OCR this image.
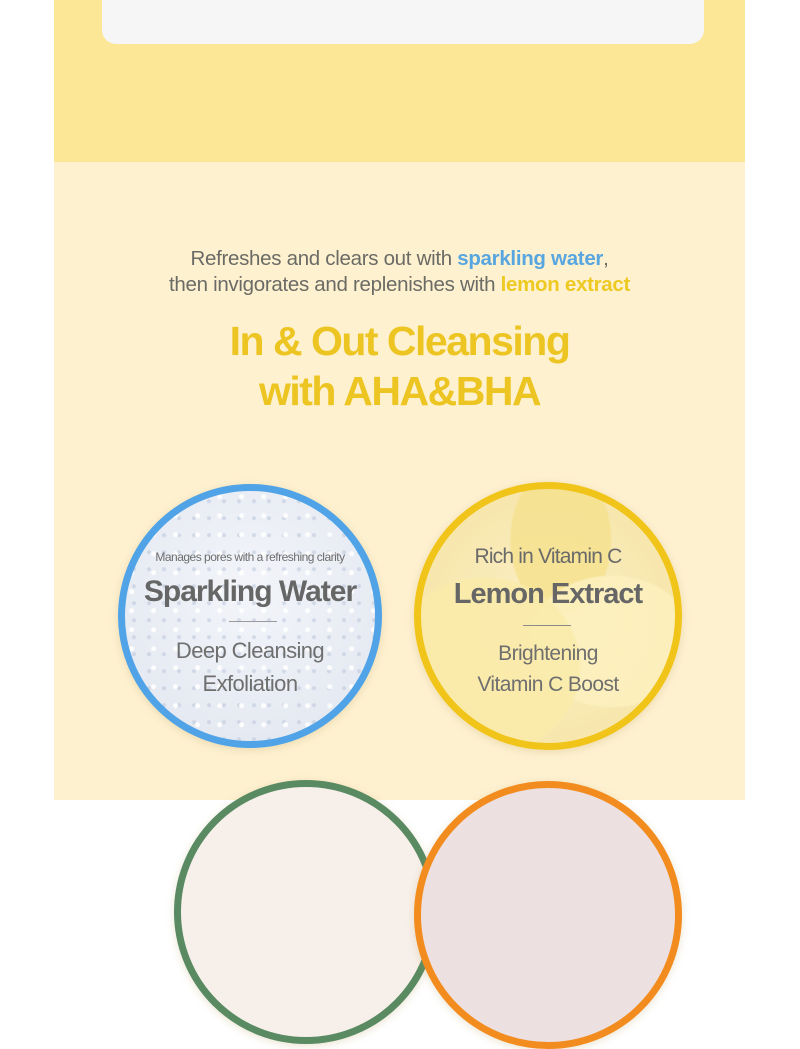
Refreshes and clears out with sparkling water,
then invigorates and replenishes with lemon extract
In & Out Cleansing
with AHA&BHA
Manages pores with a refreshing clarity
Sparkling Water
Deep Cleansing
Exfoliation
Rich in Vitamin C
Lemon Extract
Brightening
Vitamin C Boost
